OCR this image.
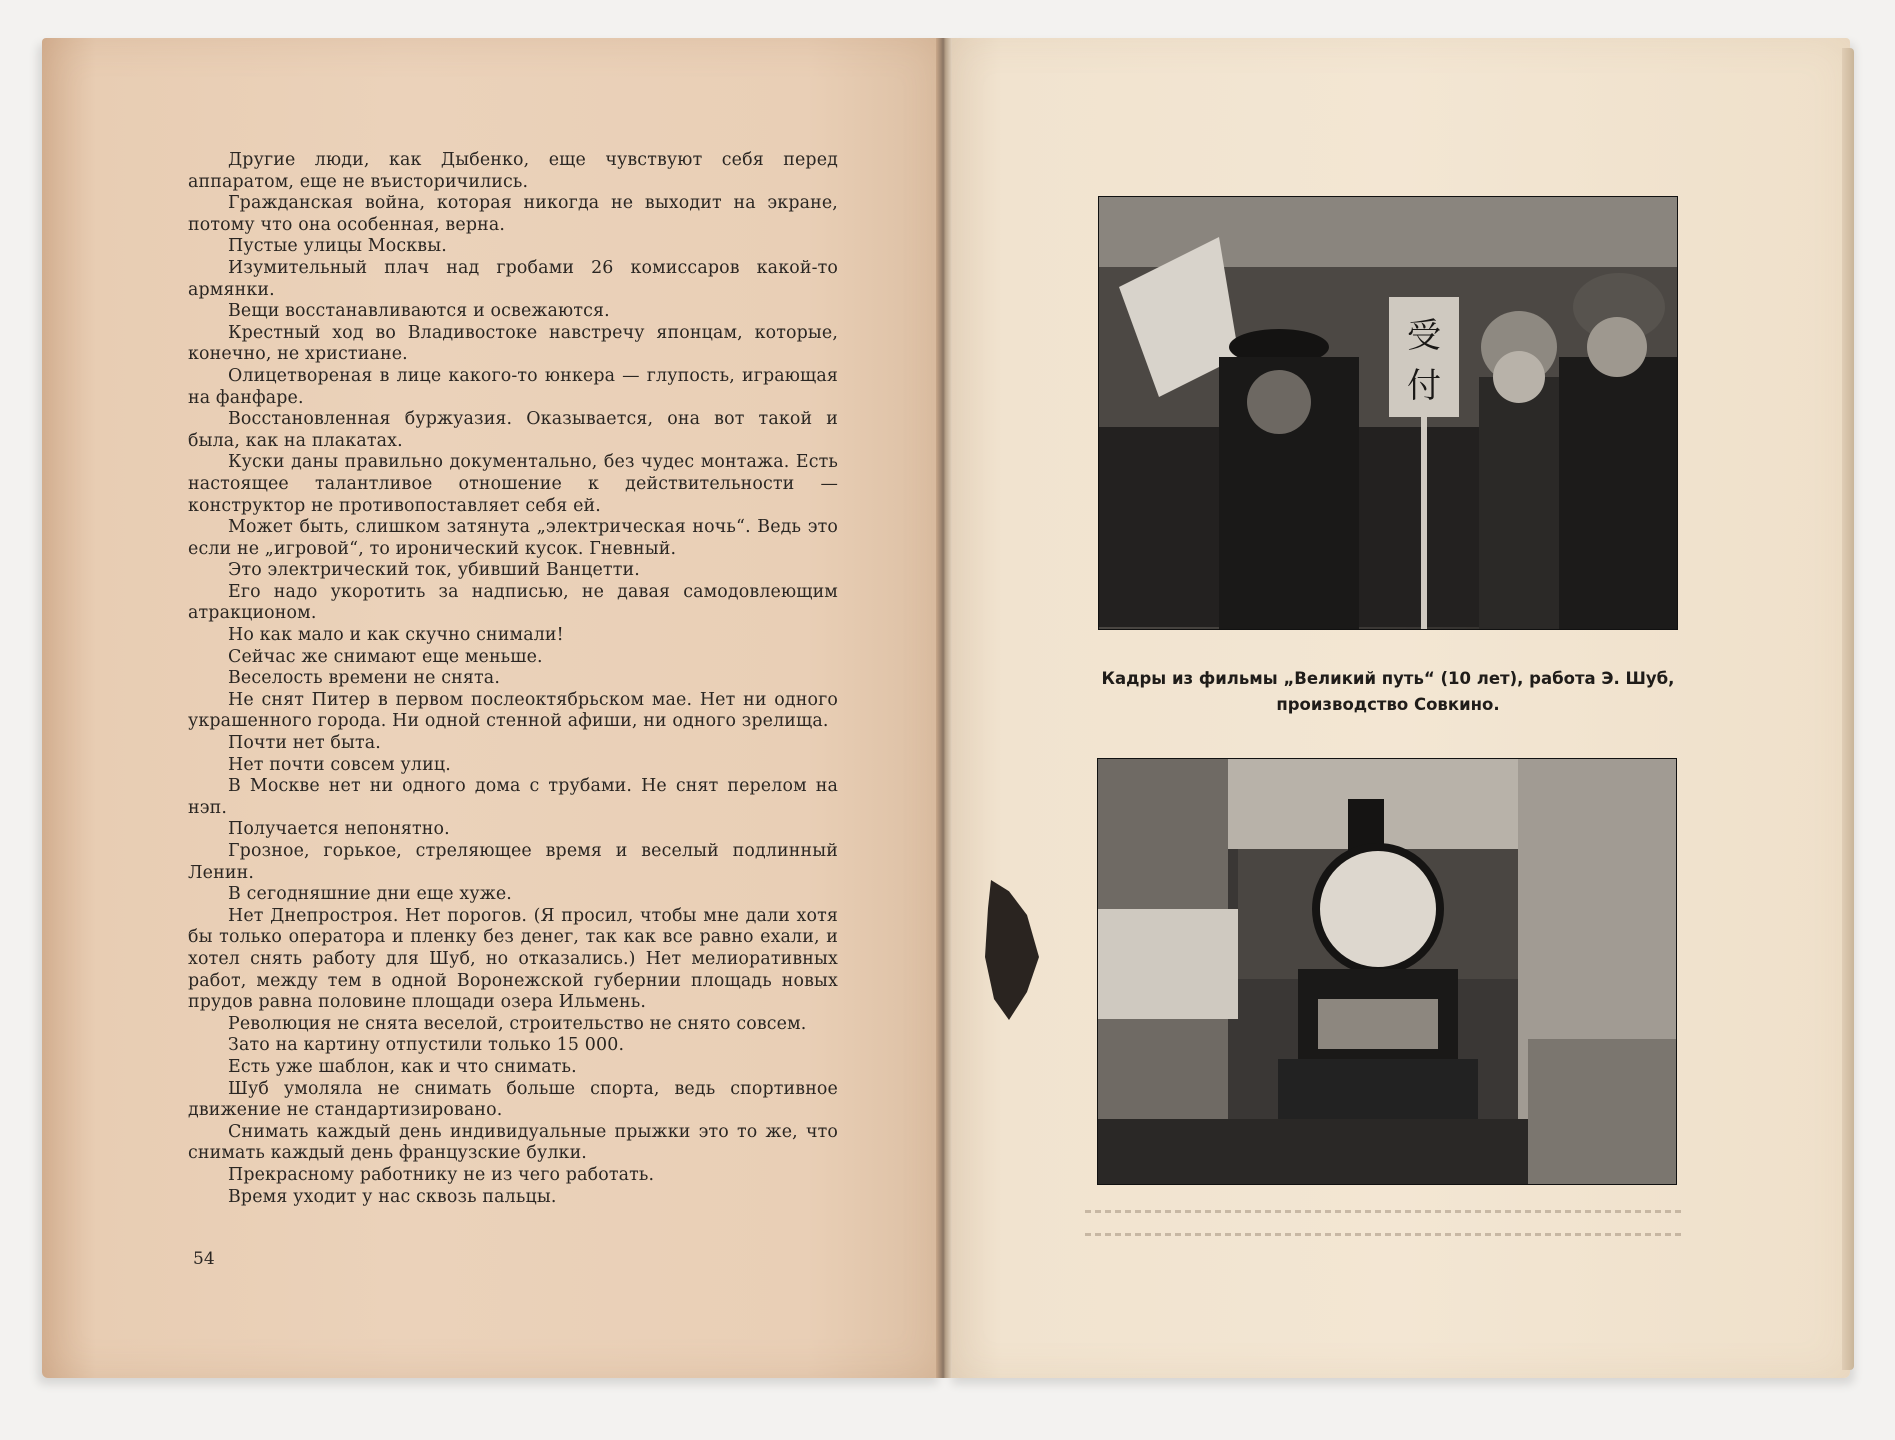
Другие люди, как Дыбенко, еще чувствуют себя перед аппаратом, еще не въисторичились.

Гражданская война, которая никогда не выходит на экране, потому что она особенная, верна.

Пустые улицы Москвы.

Изумительный плач над гробами 26 комиссаров какой-то армянки.

Вещи восстанавливаются и освежаются.

Крестный ход во Владивостоке навстречу японцам, которые, конечно, не христиане.

Олицетвореная в лице какого-то юнкера — глупость, играющая на фанфаре.

Восстановленная буржуазия. Оказывается, она вот такой и была, как на плакатах.

Куски даны правильно документально, без чудес монтажа. Есть настоящее талантливое отношение к действительности — конструктор не противопоставляет себя ей.

Может быть, слишком затянута „электрическая ночь“. Ведь это если не „игровой“, то иронический кусок. Гневный.

Это электрический ток, убивший Ванцетти.

Его надо укоротить за надписью, не давая самодовлеющим атракционом.

Но как мало и как скучно снимали!

Сейчас же снимают еще меньше.

Веселость времени не снята.

Не снят Питер в первом послеоктябрьском мае. Нет ни одного украшенного города. Ни одной стенной афиши, ни одного зрелища.

Почти нет быта.

Нет почти совсем улиц.

В Москве нет ни одного дома с трубами. Не снят перелом на нэп.

Получается непонятно.

Грозное, горькое, стреляющее время и веселый подлинный Ленин.

В сегодняшние дни еще хуже.

Нет Днепростроя. Нет порогов. (Я просил, чтобы мне дали хотя бы только оператора и пленку без денег, так как все равно ехали, и хотел снять работу для Шуб, но отказались.) Нет мелиоративных работ, между тем в одной Воронежской губернии площадь новых прудов равна половине площади озера Ильмень.

Революция не снята веселой, строительство не снято совсем.

Зато на картину отпустили только 15 000.

Есть уже шаблон, как и что снимать.

Шуб умоляла не снимать больше спорта, ведь спортивное движение не стандартизировано.

Снимать каждый день индивидуальные прыжки это то же, что снимать каждый день французские булки.

Прекрасному работнику не из чего работать.

Время уходит у нас сквозь пальцы.

54
受
付
Кадры из фильмы „Великий путь“ (10 лет), работа Э. Шуб,
производство Совкино.
